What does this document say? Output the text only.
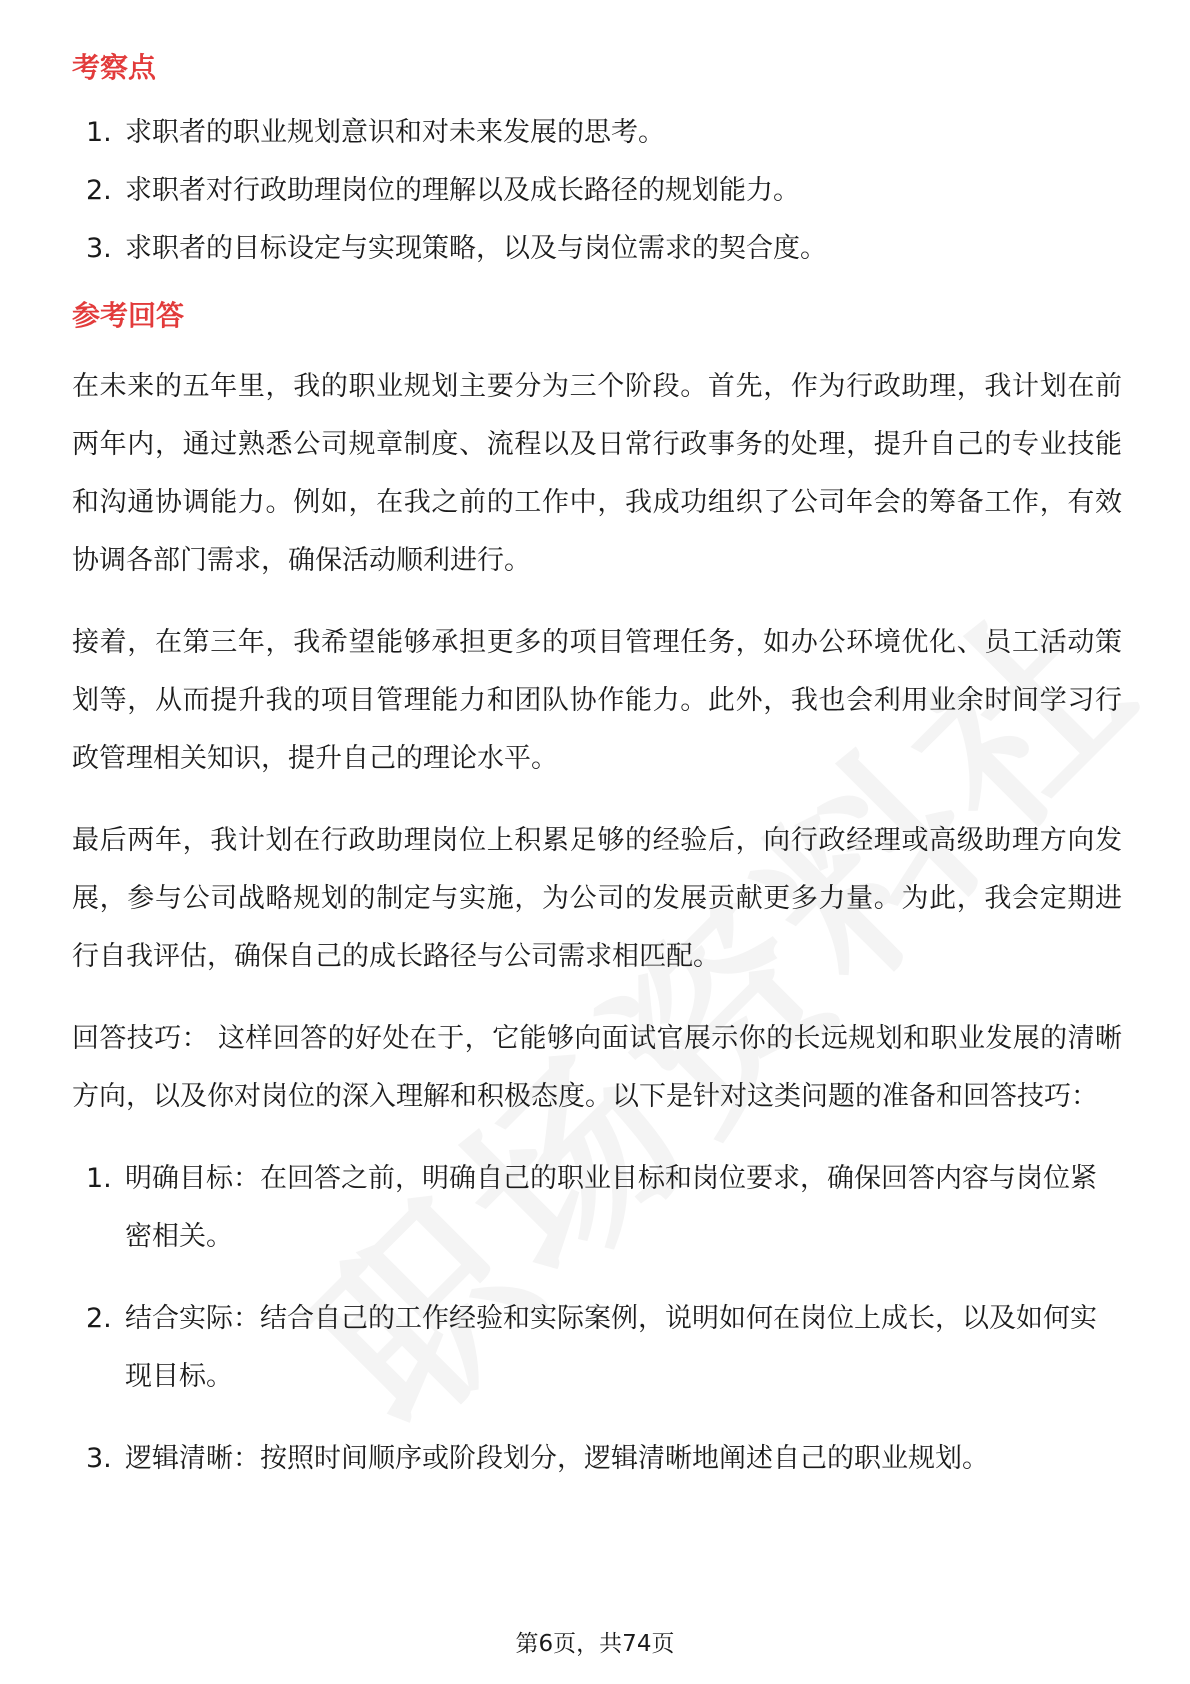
考察点
1. 求职者的职业规划意识和对未来发展的思考。
2. 求职者对行政助理岗位的理解以及成长路径的规划能力。
3. 求职者的目标设定与实现策略，以及与岗位需求的契合度。
参考回答

在未来的五年里，我的职业规划主要分为三个阶段。首先，作为行政助理，我计划在前两年内，通过熟悉公司规章制度、流程以及日常行政事务的处理，提升自己的专业技能和沟通协调能力。例如，在我之前的工作中，我成功组织了公司年会的筹备工作，有效协调各部门需求，确保活动顺利进行。

接着，在第三年，我希望能够承担更多的项目管理任务，如办公环境优化、员工活动策划等，从而提升我的项目管理能力和团队协作能力。此外，我也会利用业余时间学习行政管理相关知识，提升自己的理论水平。

最后两年，我计划在行政助理岗位上积累足够的经验后，向行政经理或高级助理方向发展，参与公司战略规划的制定与实施，为公司的发展贡献更多力量。为此，我会定期进行自我评估，确保自己的成长路径与公司需求相匹配。

回答技巧： 这样回答的好处在于，它能够向面试官展示你的长远规划和职业发展的清晰方向，以及你对岗位的深入理解和积极态度。以下是针对这类问题的准备和回答技巧：

1. 明确目标：在回答之前，明确自己的职业目标和岗位要求，确保回答内容与岗位紧密相关。
2. 结合实际：结合自己的工作经验和实际案例，说明如何在岗位上成长，以及如何实现目标。
3. 逻辑清晰：按照时间顺序或阶段划分，逻辑清晰地阐述自己的职业规划。
第6页，共74页
